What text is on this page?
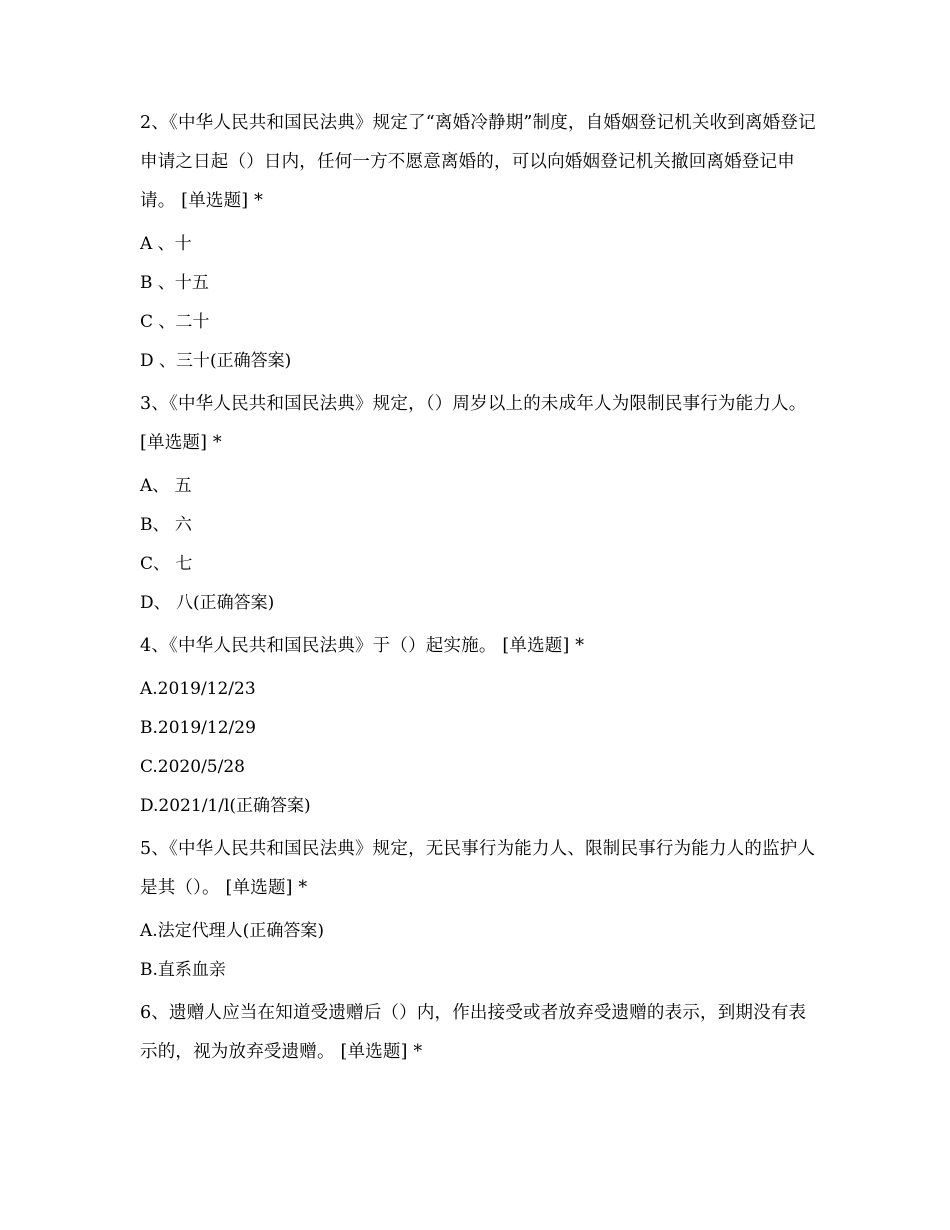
2、《中华人民共和国民法典》规定了“离婚冷静期”制度，自婚姻登记机关收到离婚登记申请之日起（）日内，任何一方不愿意离婚的，可以向婚姻登记机关撤回离婚登记申请。 [单选题] *

A 、十

B 、十五

C 、二十

D 、三十(正确答案)

3、《中华人民共和国民法典》规定，（）周岁以上的未成年人为限制民事行为能力人。 [单选题] *

A、 五

B、 六

C、 七

D、 八(正确答案)

4、《中华人民共和国民法典》于（）起实施。 [单选题] *

A.2019/12/23

B.2019/12/29

C.2020/5/28

D.2021/1/l(正确答案)

5、《中华人民共和国民法典》规定，无民事行为能力人、限制民事行为能力人的监护人是其（）。 [单选题] *

A.法定代理人(正确答案)

B.直系血亲

6、遗赠人应当在知道受遗赠后（）内，作出接受或者放弃受遗赠的表示，到期没有表示的，视为放弃受遗赠。 [单选题] *
